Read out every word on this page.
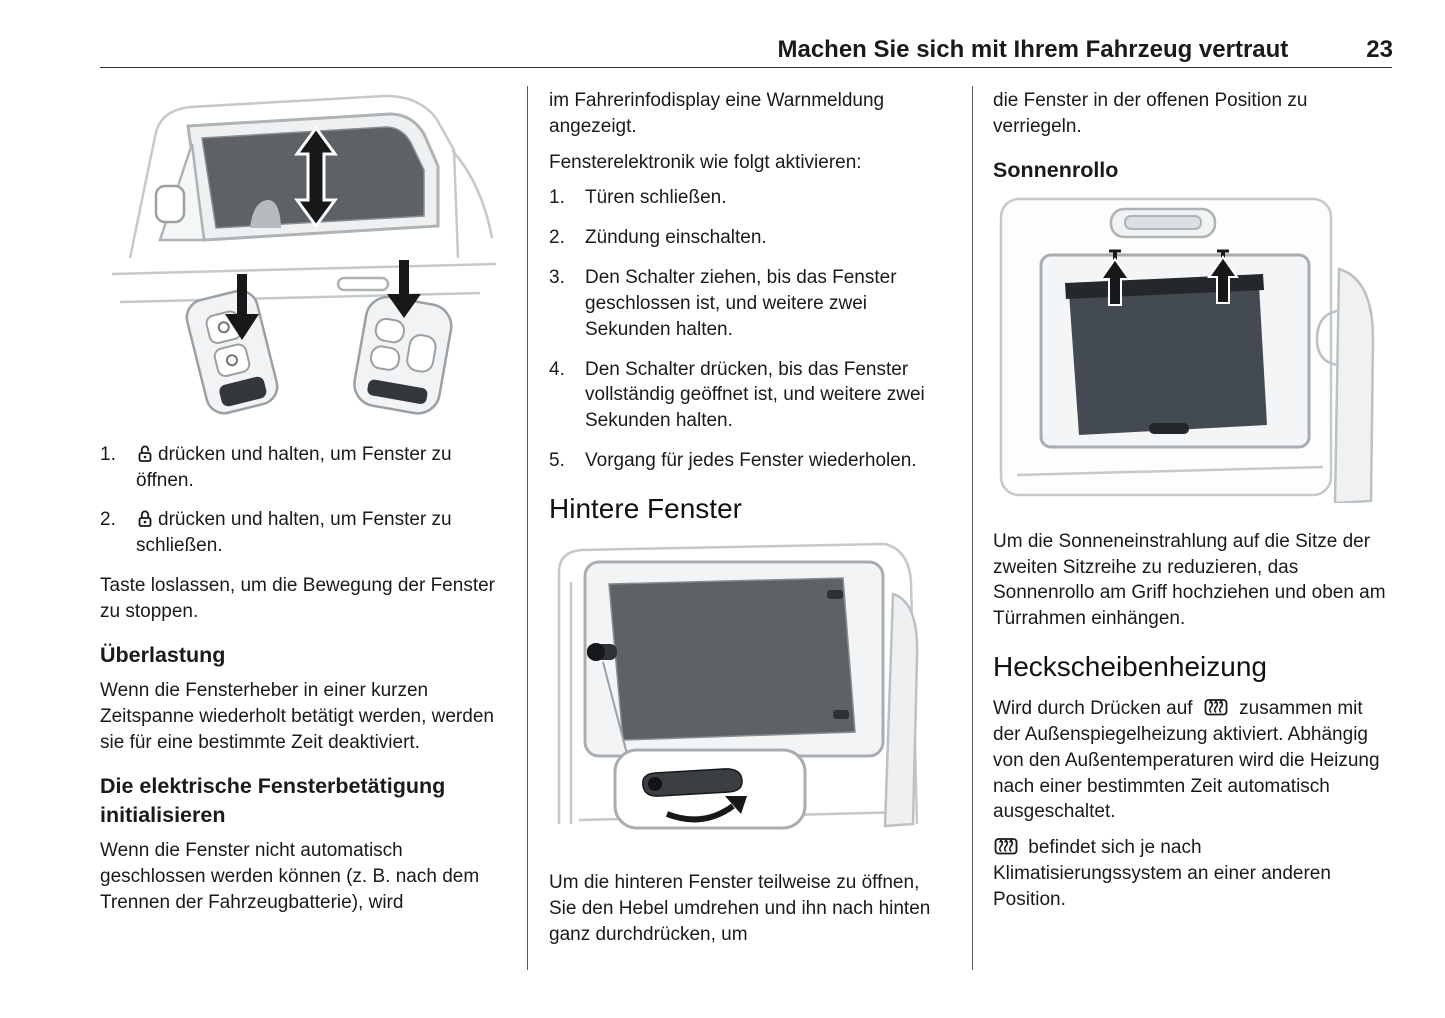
Machen Sie sich mit Ihrem Fahrzeug vertraut	23
1.	drücken und halten, um Fenster zu öffnen.
2.	drücken und halten, um Fenster zu schließen.

Taste loslassen, um die Bewegung der Fenster zu stoppen.

Überlastung

Wenn die Fensterheber in einer kurzen Zeitspanne wiederholt betätigt werden, werden sie für eine bestimmte Zeit deaktiviert.

Die elektrische Fensterbetätigung initialisieren

Wenn die Fenster nicht automatisch geschlossen werden können (z. B. nach dem Trennen der Fahrzeugbatterie), wird

im Fahrerinfodisplay eine Warnmeldung angezeigt.

Fensterelektronik wie folgt aktivieren:

1.	Türen schließen.
2.	Zündung einschalten.
3.	Den Schalter ziehen, bis das Fenster geschlossen ist, und weitere zwei Sekunden halten.
4.	Den Schalter drücken, bis das Fenster vollständig geöffnet ist, und weitere zwei Sekunden halten.
5.	Vorgang für jedes Fenster wiederholen.
Hintere Fenster

Um die hinteren Fenster teilweise zu öffnen, Sie den Hebel umdrehen und ihn nach hinten ganz durchdrücken, um

die Fenster in der offenen Position zu verriegeln.

Sonnenrollo

Um die Sonneneinstrahlung auf die Sitze der zweiten Sitzreihe zu reduzieren, das Sonnenrollo am Griff hochziehen und oben am Türrahmen einhängen.

Heckscheibenheizung

Wird durch Drücken auf zusammen mit der Außenspiegelheizung aktiviert. Abhängig von den Außentemperaturen wird die Heizung nach einer bestimmten Zeit automatisch ausgeschaltet.

befindet sich je nach Klimatisierungssystem an einer anderen Position.
